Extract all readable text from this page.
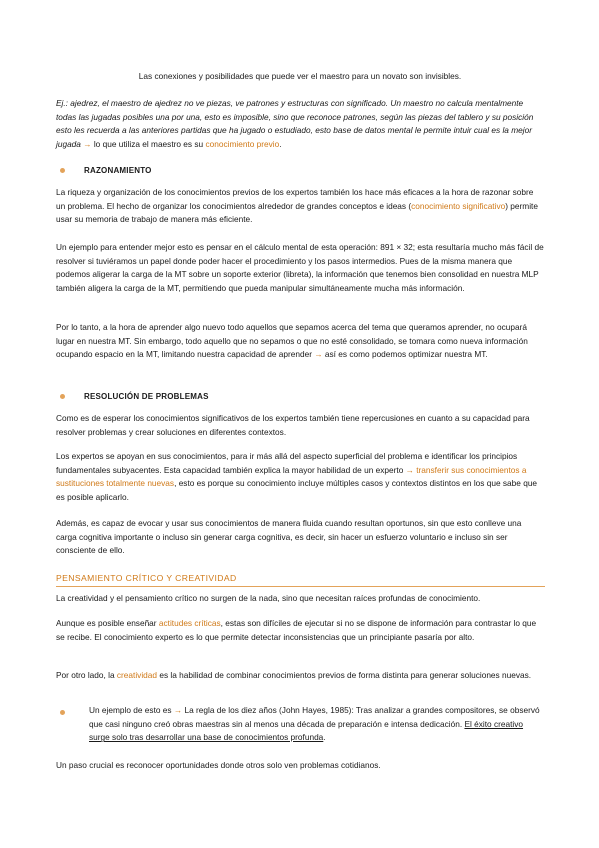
Las conexiones y posibilidades que puede ver el maestro para un novato son invisibles.

Ej.: ajedrez, el maestro de ajedrez no ve piezas, ve patrones y estructuras con significado. Un maestro no calcula mentalmente todas las jugadas posibles una por una, esto es imposible, sino que reconoce patrones, según las piezas del tablero y su posición esto les recuerda a las anteriores partidas que ha jugado o estudiado, esto base de datos mental le permite intuir cual es la mejor jugada → lo que utiliza el maestro es su conocimiento previo.

RAZONAMIENTO

La riqueza y organización de los conocimientos previos de los expertos también los hace más eficaces a la hora de razonar sobre un problema. El hecho de organizar los conocimientos alrededor de grandes conceptos e ideas (conocimiento significativo) permite usar su memoria de trabajo de manera más eficiente.

Un ejemplo para entender mejor esto es pensar en el cálculo mental de esta operación: 891 × 32; esta resultaría mucho más fácil de resolver si tuviéramos un papel donde poder hacer el procedimiento y los pasos intermedios. Pues de la misma manera que podemos aligerar la carga de la MT sobre un soporte exterior (libreta), la información que tenemos bien consolidad en nuestra MLP también aligera la carga de la MT, permitiendo que pueda manipular simultáneamente mucha más información.

Por lo tanto, a la hora de aprender algo nuevo todo aquellos que sepamos acerca del tema que queramos aprender, no ocupará lugar en nuestra MT. Sin embargo, todo aquello que no sepamos o que no esté consolidado, se tomara como nueva información ocupando espacio en la MT, limitando nuestra capacidad de aprender → así es como podemos optimizar nuestra MT.

RESOLUCIÓN DE PROBLEMAS

Como es de esperar los conocimientos significativos de los expertos también tiene repercusiones en cuanto a su capacidad para resolver problemas y crear soluciones en diferentes contextos.

Los expertos se apoyan en sus conocimientos, para ir más allá del aspecto superficial del problema e identificar los principios fundamentales subyacentes. Esta capacidad también explica la mayor habilidad de un experto → transferir sus conocimientos a sustituciones totalmente nuevas, esto es porque su conocimiento incluye múltiples casos y contextos distintos en los que sabe que es posible aplicarlo.

Además, es capaz de evocar y usar sus conocimientos de manera fluida cuando resultan oportunos, sin que esto conlleve una carga cognitiva importante o incluso sin generar carga cognitiva, es decir, sin hacer un esfuerzo voluntario e incluso sin ser consciente de ello.

PENSAMIENTO CRÍTICO Y CREATIVIDAD

La creatividad y el pensamiento crítico no surgen de la nada, sino que necesitan raíces profundas de conocimiento.

Aunque es posible enseñar actitudes críticas, estas son difíciles de ejecutar si no se dispone de información para contrastar lo que se recibe. El conocimiento experto es lo que permite detectar inconsistencias que un principiante pasaría por alto.

Por otro lado, la creatividad es la habilidad de combinar conocimientos previos de forma distinta para generar soluciones nuevas.

Un ejemplo de esto es → La regla de los diez años (John Hayes, 1985): Tras analizar a grandes compositores, se observó que casi ninguno creó obras maestras sin al menos una década de preparación e intensa dedicación. El éxito creativo surge solo tras desarrollar una base de conocimientos profunda.

Un paso crucial es reconocer oportunidades donde otros solo ven problemas cotidianos.
